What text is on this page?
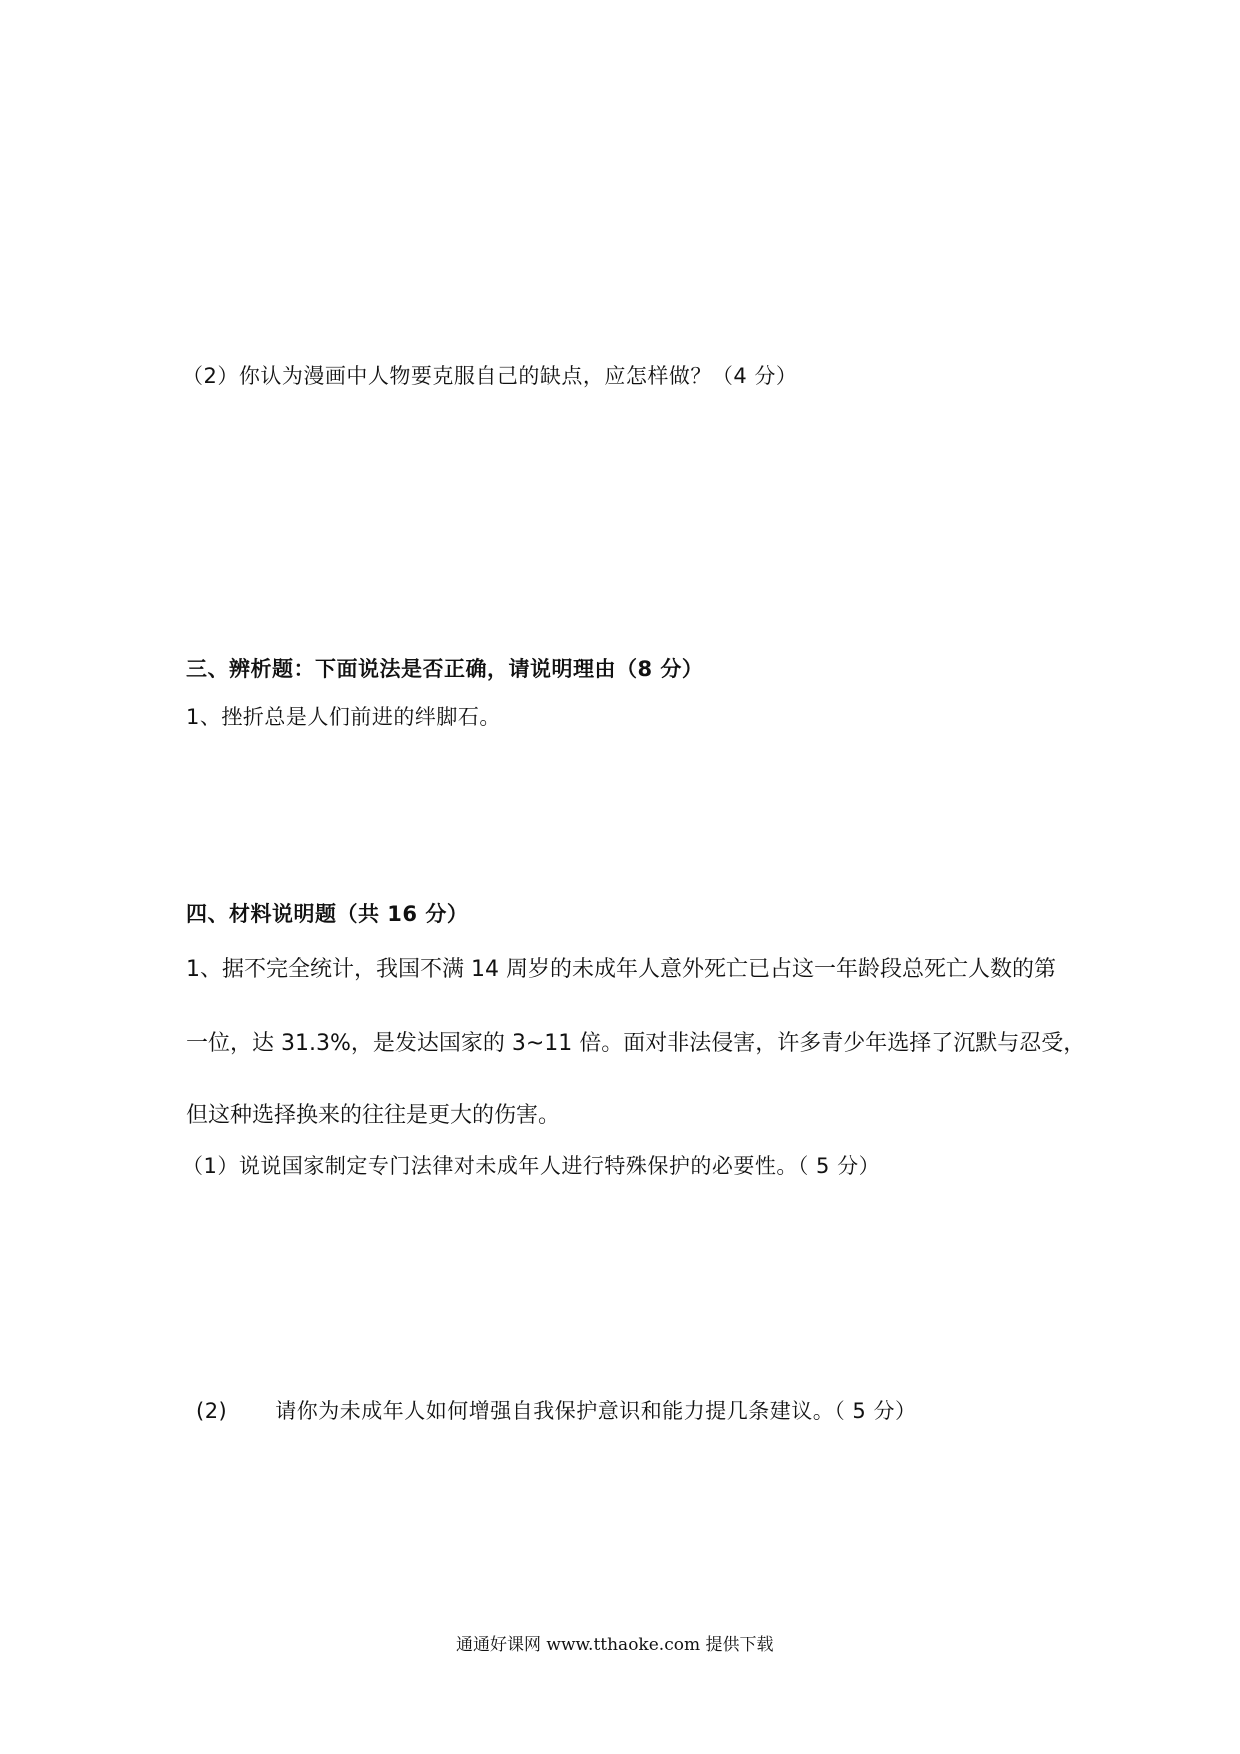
（2）你认为漫画中人物要克服自己的缺点，应怎样做？（4 分）
三、辨析题：下面说法是否正确，请说明理由（8 分）
1、挫折总是人们前进的绊脚石。
四、材料说明题（共 16 分）
1、据不完全统计，我国不满 14 周岁的未成年人意外死亡已占这一年龄段总死亡人数的第
一位，达 31.3%，是发达国家的 3~11 倍。面对非法侵害，许多青少年选择了沉默与忍受，
但这种选择换来的往往是更大的伤害。
（1）说说国家制定专门法律对未成年人进行特殊保护的必要性。（ 5 分）
(2) 请你为未成年人如何增强自我保护意识和能力提几条建议。（ 5 分）
通通好课网 www.tthaoke.com 提供下载
